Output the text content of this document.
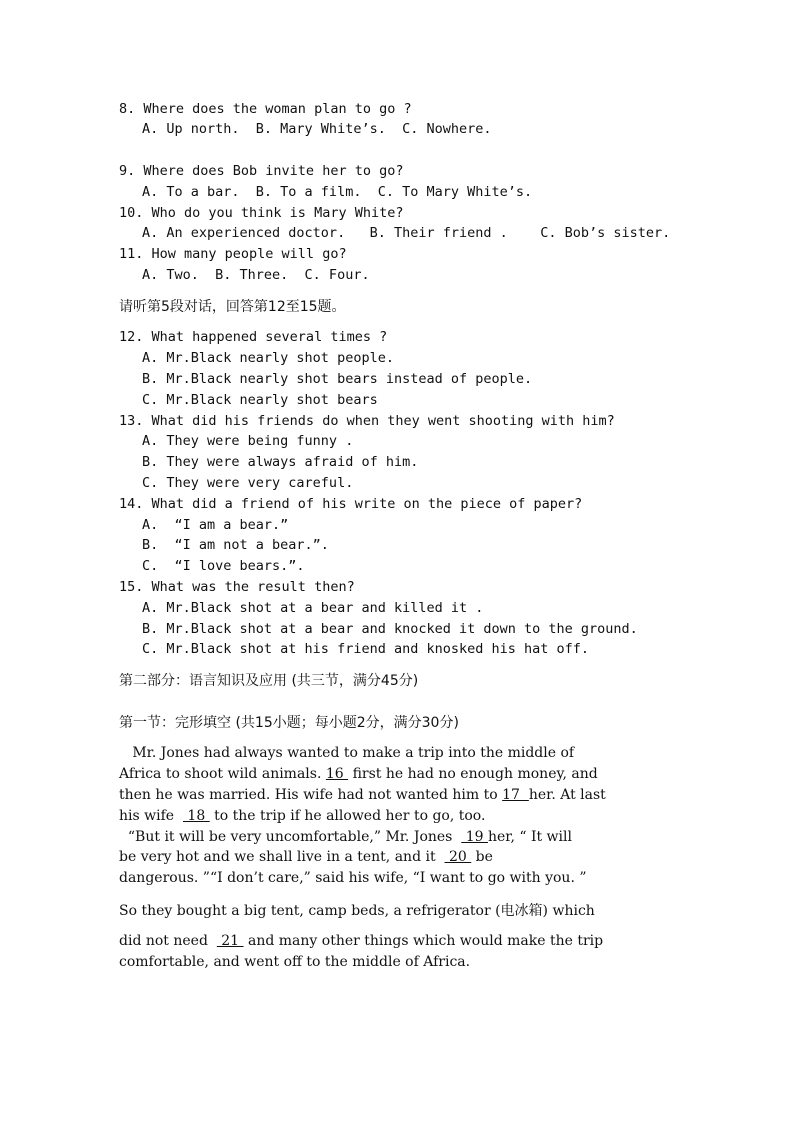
8. Where does the woman plan to go ?
A. Up north.  B. Mary White’s.  C. Nowhere.
9. Where does Bob invite her to go?
A. To a bar.  B. To a film.  C. To Mary White’s.
10. Who do you think is Mary White?
A. An experienced doctor.   B. Their friend .    C. Bob’s sister.
11. How many people will go?
A. Two.  B. Three.  C. Four.
请听第5段对话，回答第12至15题。
12. What happened several times ?
A. Mr.Black nearly shot people.
B. Mr.Black nearly shot bears instead of people.
C. Mr.Black nearly shot bears
13. What did his friends do when they went shooting with him?
A. They were being funny .
B. They were always afraid of him.
C. They were very careful.
14. What did a friend of his write on the piece of paper?
A.  “I am a bear.”
B.  “I am not a bear.”.
C.  “I love bears.”.
15. What was the result then?
A. Mr.Black shot at a bear and killed it .
B. Mr.Black shot at a bear and knocked it down to the ground.
C. Mr.Black shot at his friend and knosked his hat off.
第二部分：语言知识及应用 (共三节，满分45分)
第一节：完形填空 (共15小题；每小题2分，满分30分)
Mr. Jones had always wanted to make a trip into the middle of
Africa to shoot wild animals. 16  first he had no enough money, and
then he was married. His wife had not wanted him to 17  her. At last
his wife   18  to the trip if he allowed her to go, too.
“But it will be very uncomfortable,” Mr. Jones   19 her, “ It will
be very hot and we shall live in a tent, and it   20  be
dangerous. ”“I don’t care,” said his wife, “I want to go with you. ”
So they bought a big tent, camp beds, a refrigerator (电冰箱) which
did not need   21  and many other things which would make the trip
comfortable, and went off to the middle of Africa.
